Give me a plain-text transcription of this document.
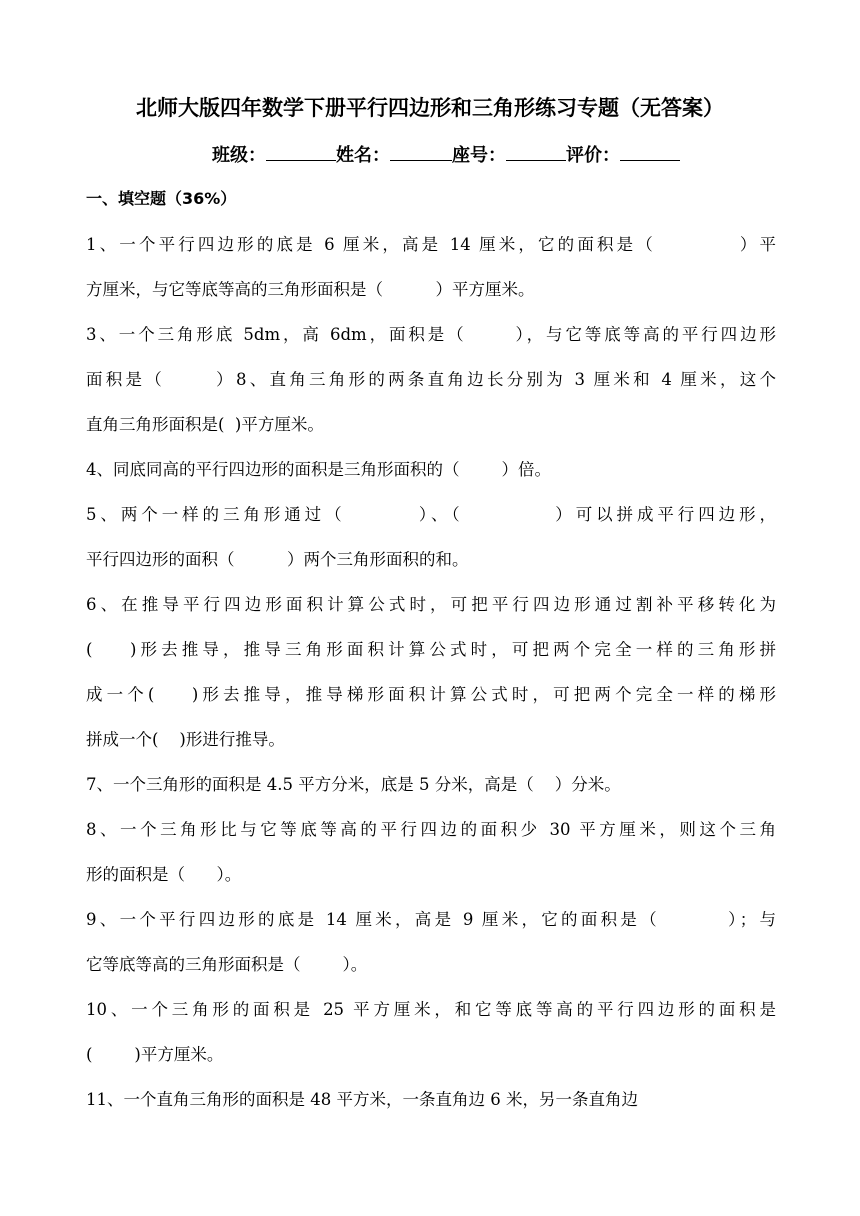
北师大版四年数学下册平行四边形和三角形练习专题（无答案）
班级：	姓名：	座号：	评价：
一、填空题（36%）
1、一个平行四边形的底是 6 厘米，高是 14 厘米，它的面积是（          ）平
方厘米，与它等底等高的三角形面积是（          ）平方厘米。
3、一个三角形底 5dm，高 6dm，面积是（      ），与它等底等高的平行四边形
面积是（      ）8、直角三角形的两条直角边长分别为 3 厘米和 4 厘米，这个
直角三角形面积是(  )平方厘米。
4、同底同高的平行四边形的面积是三角形面积的（        ）倍。
5、两个一样的三角形通过（        ）、（          ）可以拼成平行四边形，
平行四边形的面积（          ）两个三角形面积的和。
6、在推导平行四边形面积计算公式时，可把平行四边形通过割补平移转化为
(    )形去推导，推导三角形面积计算公式时，可把两个完全一样的三角形拼
成一个(    )形去推导，推导梯形面积计算公式时，可把两个完全一样的梯形
拼成一个(    )形进行推导。
7、一个三角形的面积是 4.5 平方分米，底是 5 分米，高是（    ）分米。
8、一个三角形比与它等底等高的平行四边的面积少 30 平方厘米，则这个三角
形的面积是（      ）。
9、一个平行四边形的底是 14 厘米，高是 9 厘米，它的面积是（        ）；与
它等底等高的三角形面积是（        ）。
10、一个三角形的面积是 25 平方厘米，和它等底等高的平行四边形的面积是
(        )平方厘米。
11、一个直角三角形的面积是 48 平方米，一条直角边 6 米，另一条直角边
